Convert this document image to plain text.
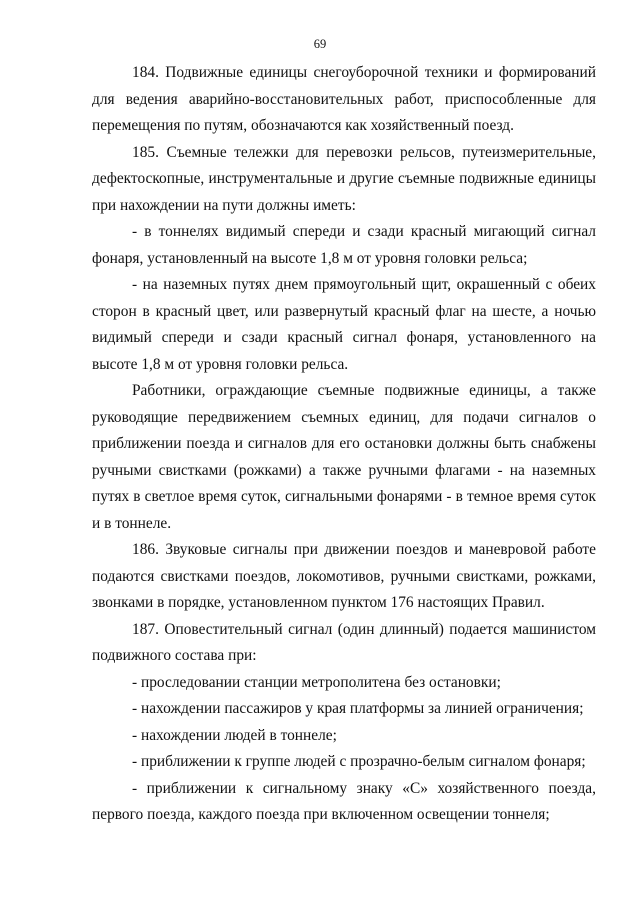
69

184. Подвижные единицы снегоуборочной техники и формирований для ведения аварийно-восстановительных работ, приспособленные для перемещения по путям, обозначаются как хозяйственный поезд.

185. Съемные тележки для перевозки рельсов, путеизмерительные, дефектоскопные, инструментальные и другие съемные подвижные единицы при нахождении на пути должны иметь:

- в тоннелях видимый спереди и сзади красный мигающий сигнал фонаря, установленный на высоте 1,8 м от уровня головки рельса;

- на наземных путях днем прямоугольный щит, окрашенный с обеих сторон в красный цвет, или развернутый красный флаг на шесте, а ночью видимый спереди и сзади красный сигнал фонаря, установленного на высоте 1,8 м от уровня головки рельса.

Работники, ограждающие съемные подвижные единицы, а также руководящие передвижением съемных единиц, для подачи сигналов о приближении поезда и сигналов для его остановки должны быть снабжены ручными свистками (рожками) а также ручными флагами - на наземных путях в светлое время суток, сигнальными фонарями - в темное время суток и в тоннеле.

186. Звуковые сигналы при движении поездов и маневровой работе подаются свистками поездов, локомотивов, ручными свистками, рожками, звонками в порядке, установленном пунктом 176 настоящих Правил.

187. Оповестительный сигнал (один длинный) подается машинистом подвижного состава при:

- проследовании станции метрополитена без остановки;

- нахождении пассажиров у края платформы за линией ограничения;

- нахождении людей в тоннеле;

- приближении к группе людей с прозрачно-белым сигналом фонаря;

- приближении к сигнальному знаку «С» хозяйственного поезда, первого поезда, каждого поезда при включенном освещении тоннеля;
